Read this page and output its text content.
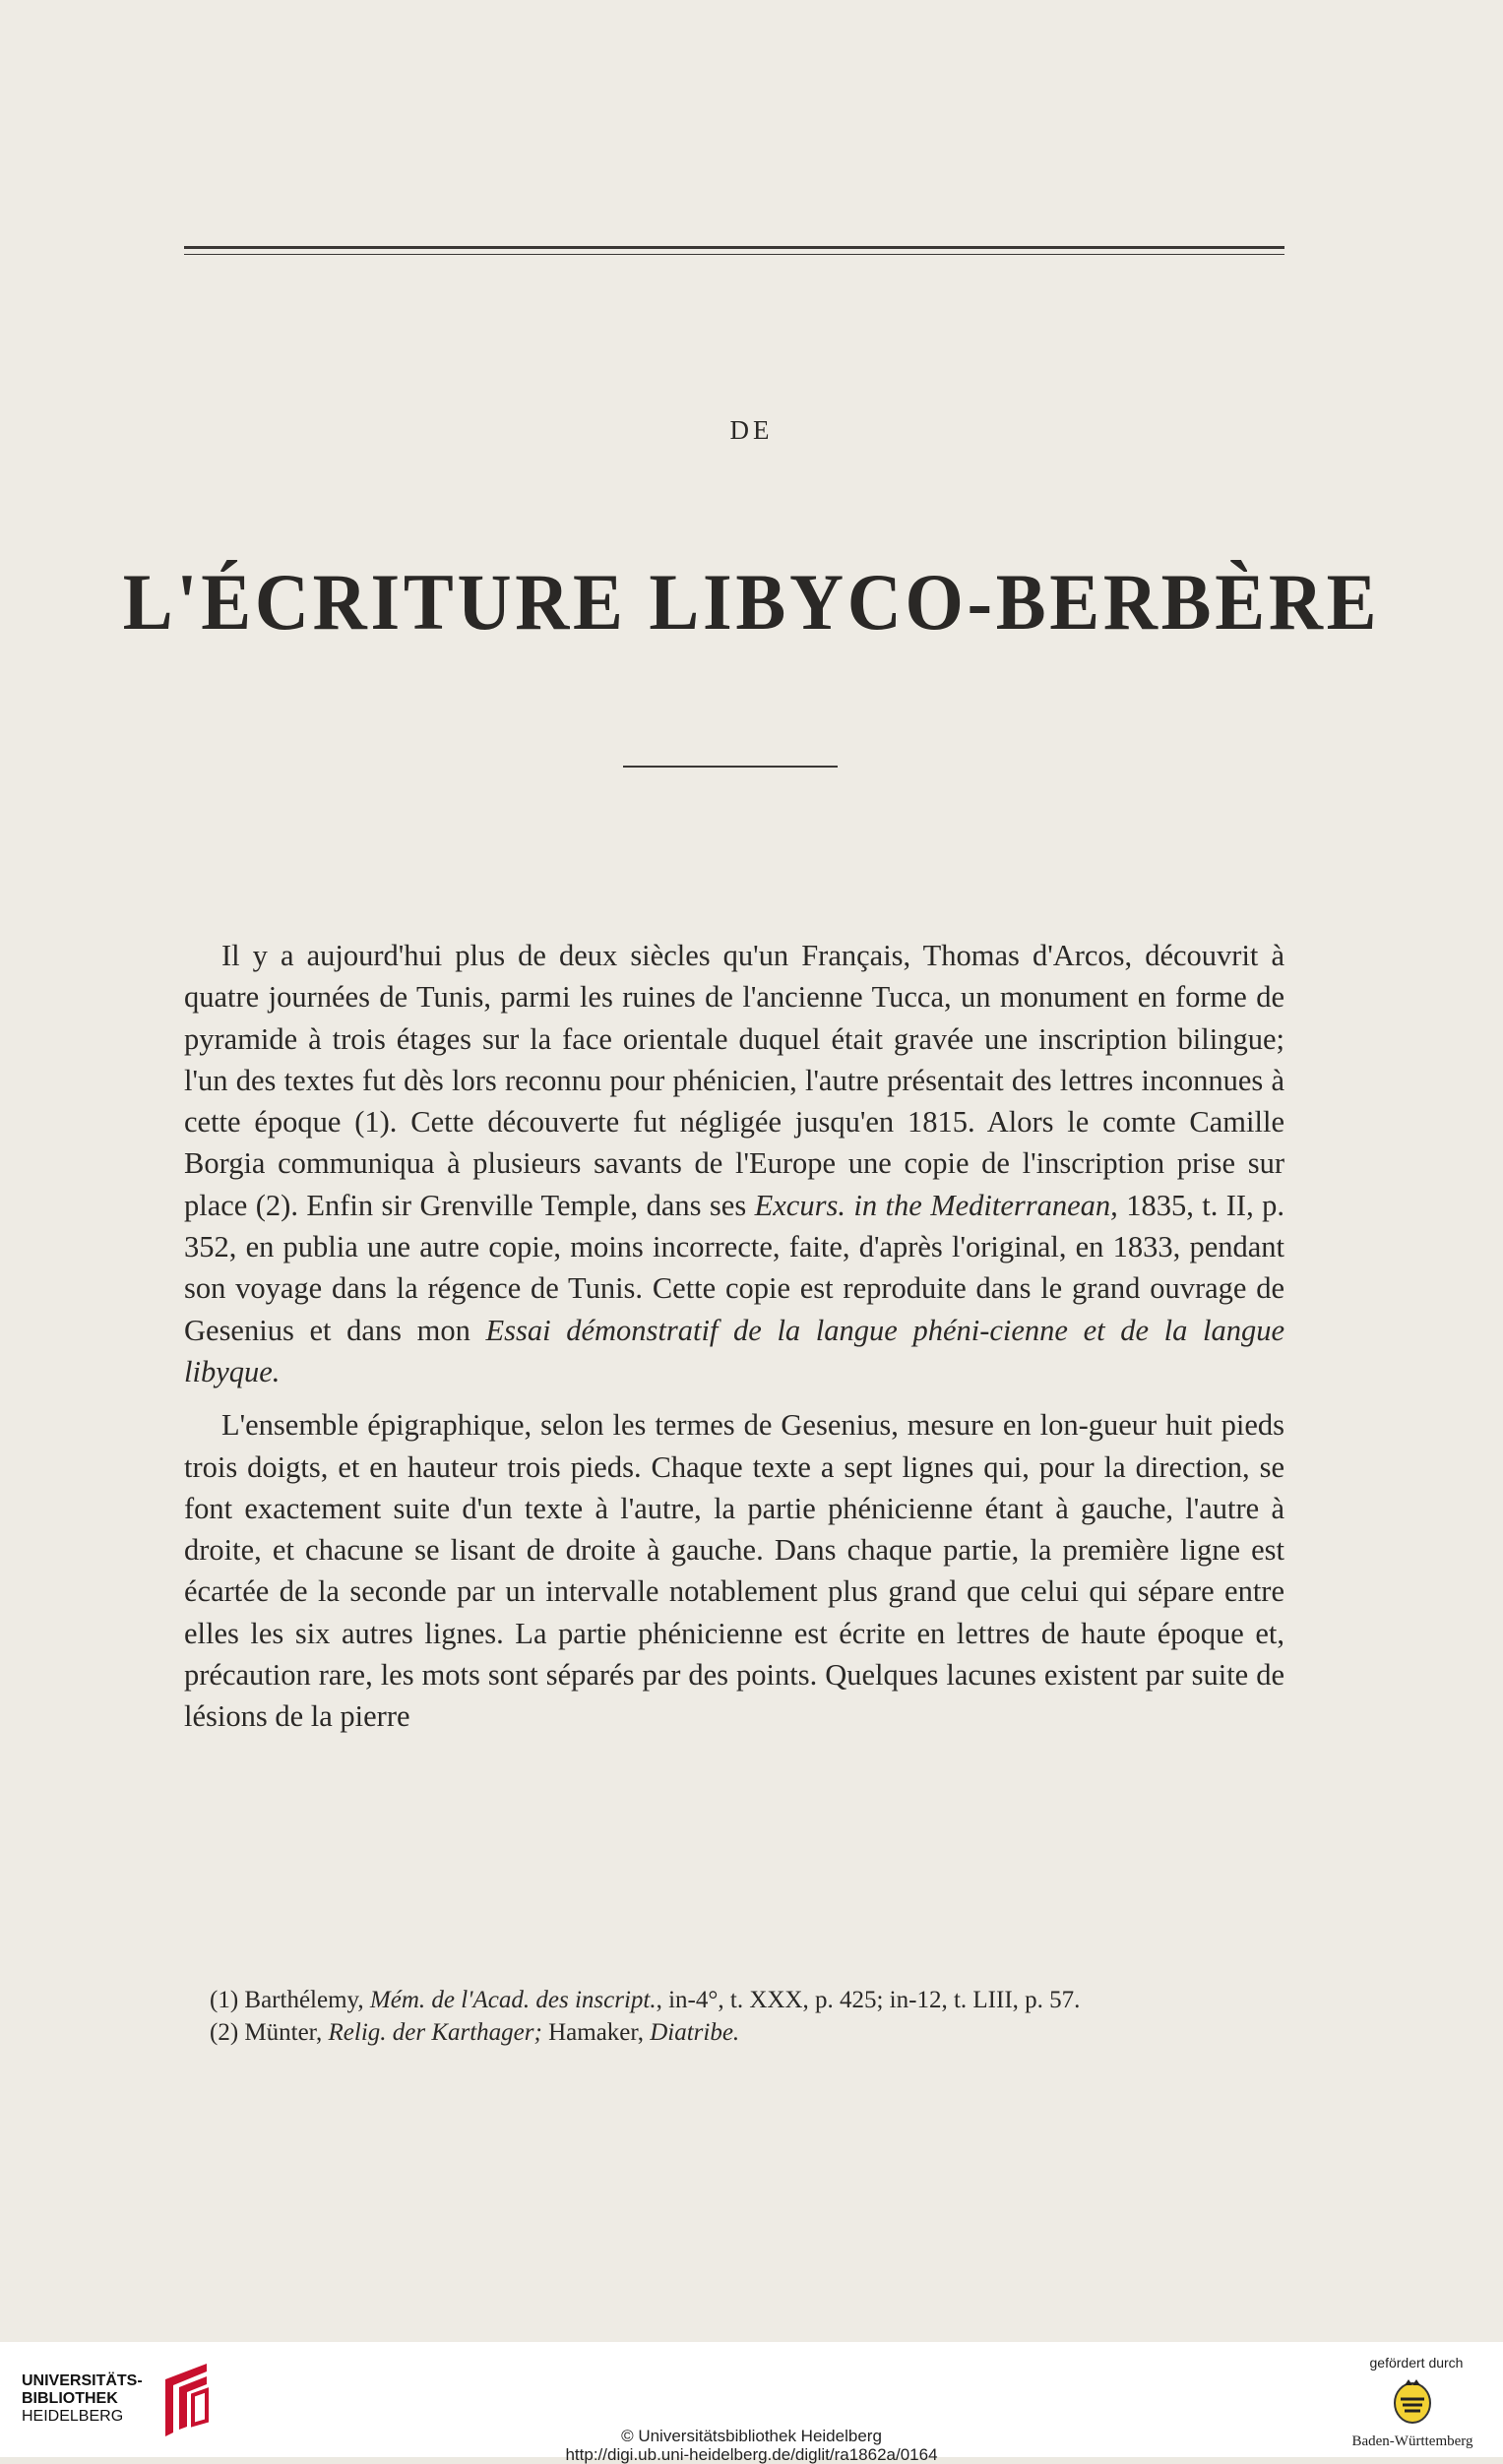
DE
L'ÉCRITURE LIBYCO-BERBÈRE

Il y a aujourd'hui plus de deux siècles qu'un Français, Thomas d'Arcos, découvrit à quatre journées de Tunis, parmi les ruines de l'ancienne Tucca, un monument en forme de pyramide à trois étages sur la face orientale duquel était gravée une inscription bilingue; l'un des textes fut dès lors reconnu pour phénicien, l'autre présentait des lettres inconnues à cette époque (1). Cette découverte fut négligée jusqu'en 1815. Alors le comte Camille Borgia communiqua à plusieurs savants de l'Europe une copie de l'inscription prise sur place (2). Enfin sir Grenville Temple, dans ses Excurs. in the Mediterranean, 1835, t. II, p. 352, en publia une autre copie, moins incorrecte, faite, d'après l'original, en 1833, pendant son voyage dans la régence de Tunis. Cette copie est reproduite dans le grand ouvrage de Gesenius et dans mon Essai démonstratif de la langue phéni-cienne et de la langue libyque.

L'ensemble épigraphique, selon les termes de Gesenius, mesure en lon-gueur huit pieds trois doigts, et en hauteur trois pieds. Chaque texte a sept lignes qui, pour la direction, se font exactement suite d'un texte à l'autre, la partie phénicienne étant à gauche, l'autre à droite, et chacune se lisant de droite à gauche. Dans chaque partie, la première ligne est écartée de la seconde par un intervalle notablement plus grand que celui qui sépare entre elles les six autres lignes. La partie phénicienne est écrite en lettres de haute époque et, précaution rare, les mots sont séparés par des points. Quelques lacunes existent par suite de lésions de la pierre

(1) Barthélemy, Mém. de l'Acad. des inscript., in-4°, t. XXX, p. 425; in-12, t. LIII, p. 57.

(2) Münter, Relig. der Karthager; Hamaker, Diatribe.

UNIVERSITÄTS-
BIBLIOTHEK
HEIDELBERG
© Universitätsbibliothek Heidelberg
http://digi.ub.uni-heidelberg.de/diglit/ra1862a/0164
gefördert durch
Baden-Württemberg
